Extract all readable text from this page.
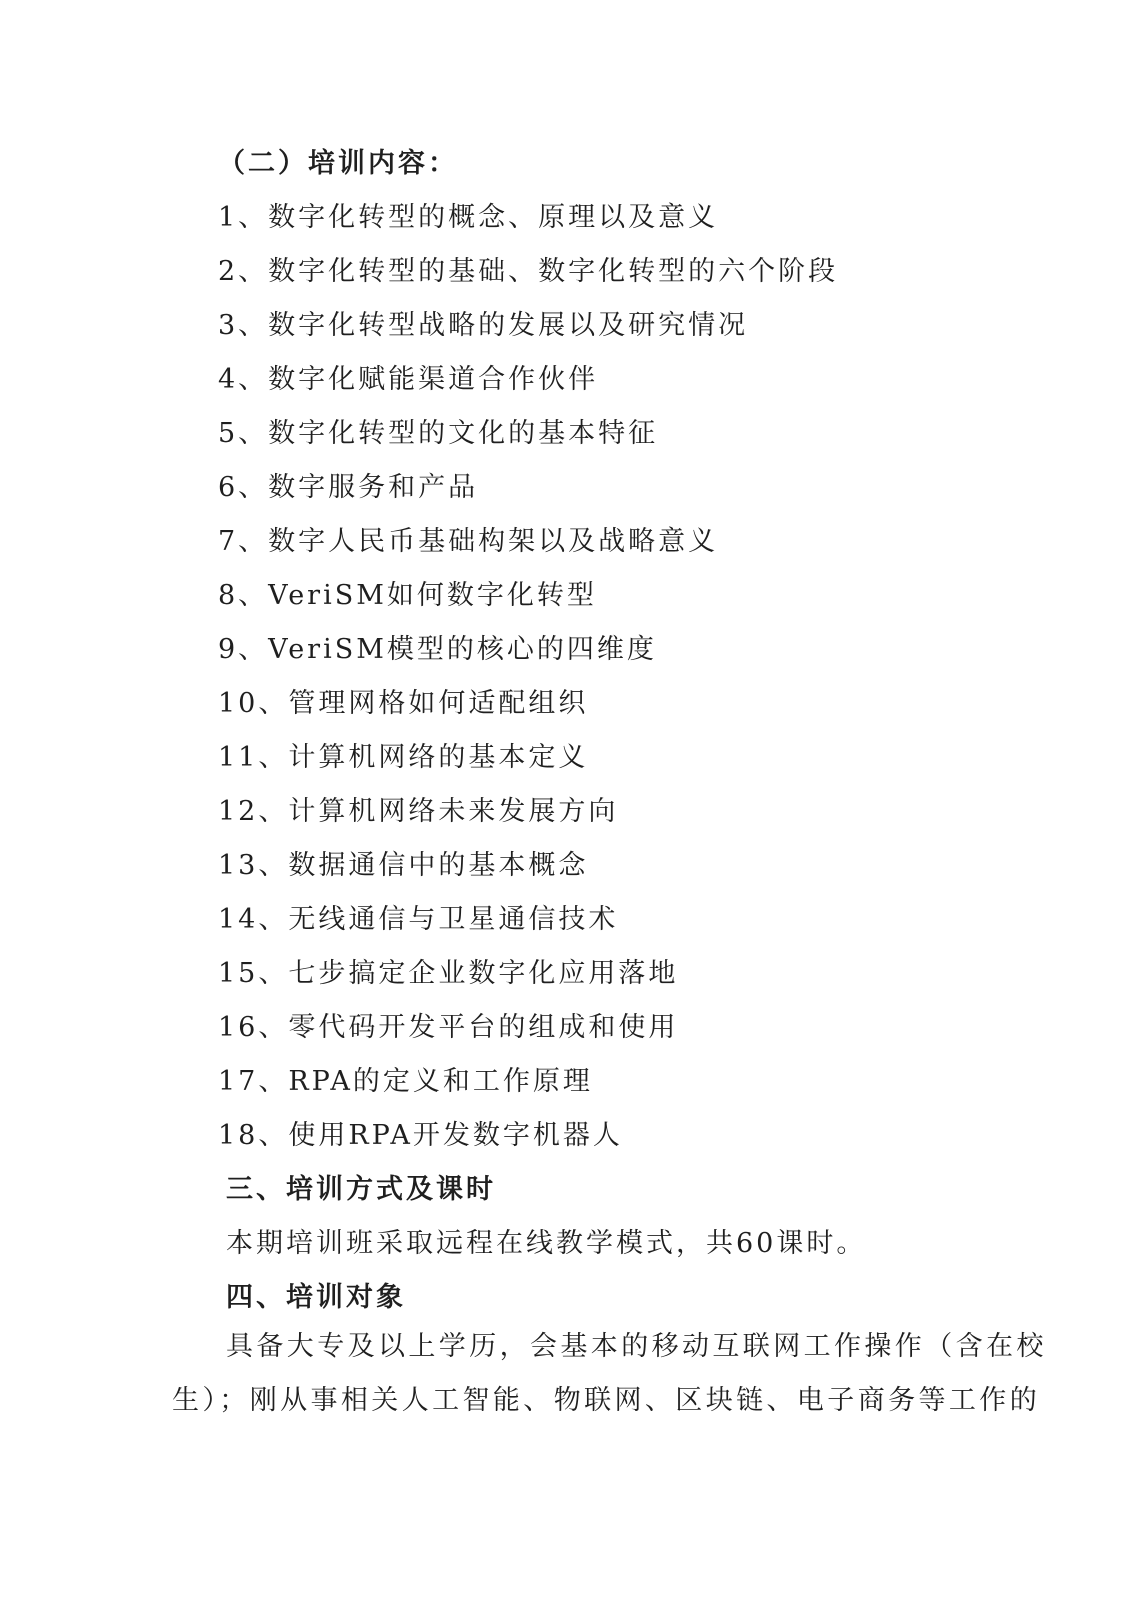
（二）培训内容：
1、数字化转型的概念、原理以及意义
2、数字化转型的基础、数字化转型的六个阶段
3、数字化转型战略的发展以及研究情况
4、数字化赋能渠道合作伙伴
5、数字化转型的文化的基本特征
6、数字服务和产品
7、数字人民币基础构架以及战略意义
8、VeriSM如何数字化转型
9、VeriSM模型的核心的四维度
10、管理网格如何适配组织
11、计算机网络的基本定义
12、计算机网络未来发展方向
13、数据通信中的基本概念
14、无线通信与卫星通信技术
15、七步搞定企业数字化应用落地
16、零代码开发平台的组成和使用
17、RPA的定义和工作原理
18、使用RPA开发数字机器人
三、培训方式及课时
本期培训班采取远程在线教学模式，共60课时。
四、培训对象
具备大专及以上学历，会基本的移动互联网工作操作（含在校
生）；刚从事相关人工智能、物联网、区块链、电子商务等工作的
